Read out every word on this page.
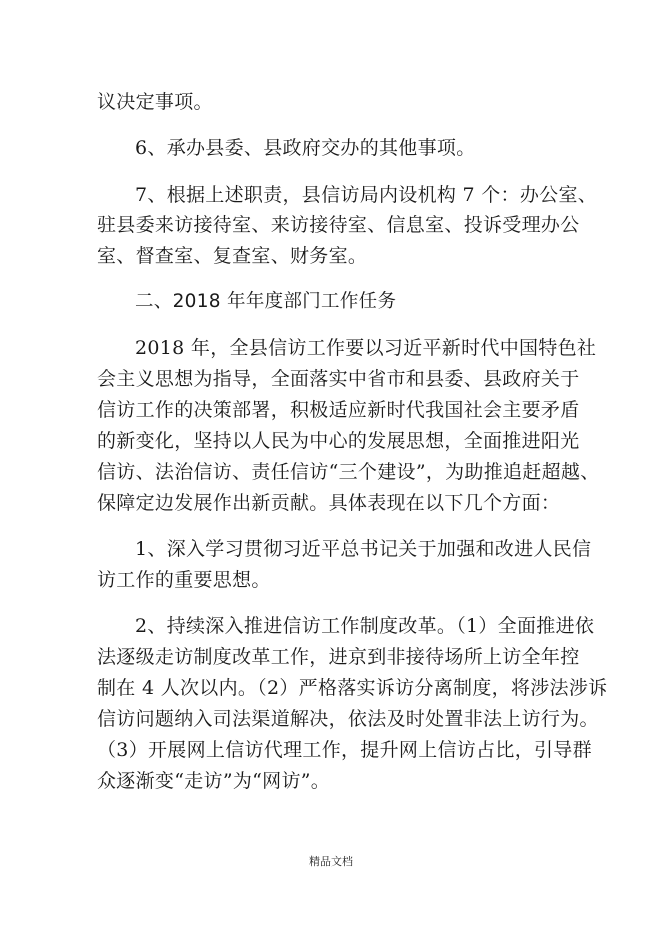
议决定事项。
6、承办县委、县政府交办的其他事项。
7、根据上述职责，县信访局内设机构 7 个：办公室、
驻县委来访接待室、来访接待室、信息室、投诉受理办公
室、督查室、复查室、财务室。
二、2018 年年度部门工作任务
2018 年，全县信访工作要以习近平新时代中国特色社
会主义思想为指导，全面落实中省市和县委、县政府关于
信访工作的决策部署，积极适应新时代我国社会主要矛盾
的新变化，坚持以人民为中心的发展思想，全面推进阳光
信访、法治信访、责任信访“三个建设”，为助推追赶超越、
保障定边发展作出新贡献。具体表现在以下几个方面：
1、深入学习贯彻习近平总书记关于加强和改进人民信
访工作的重要思想。
2、持续深入推进信访工作制度改革。（1）全面推进依
法逐级走访制度改革工作，进京到非接待场所上访全年控
制在 4 人次以内。（2）严格落实诉访分离制度，将涉法涉诉
信访问题纳入司法渠道解决，依法及时处置非法上访行为。
（3）开展网上信访代理工作，提升网上信访占比，引导群
众逐渐变“走访”为“网访”。
精品文档
